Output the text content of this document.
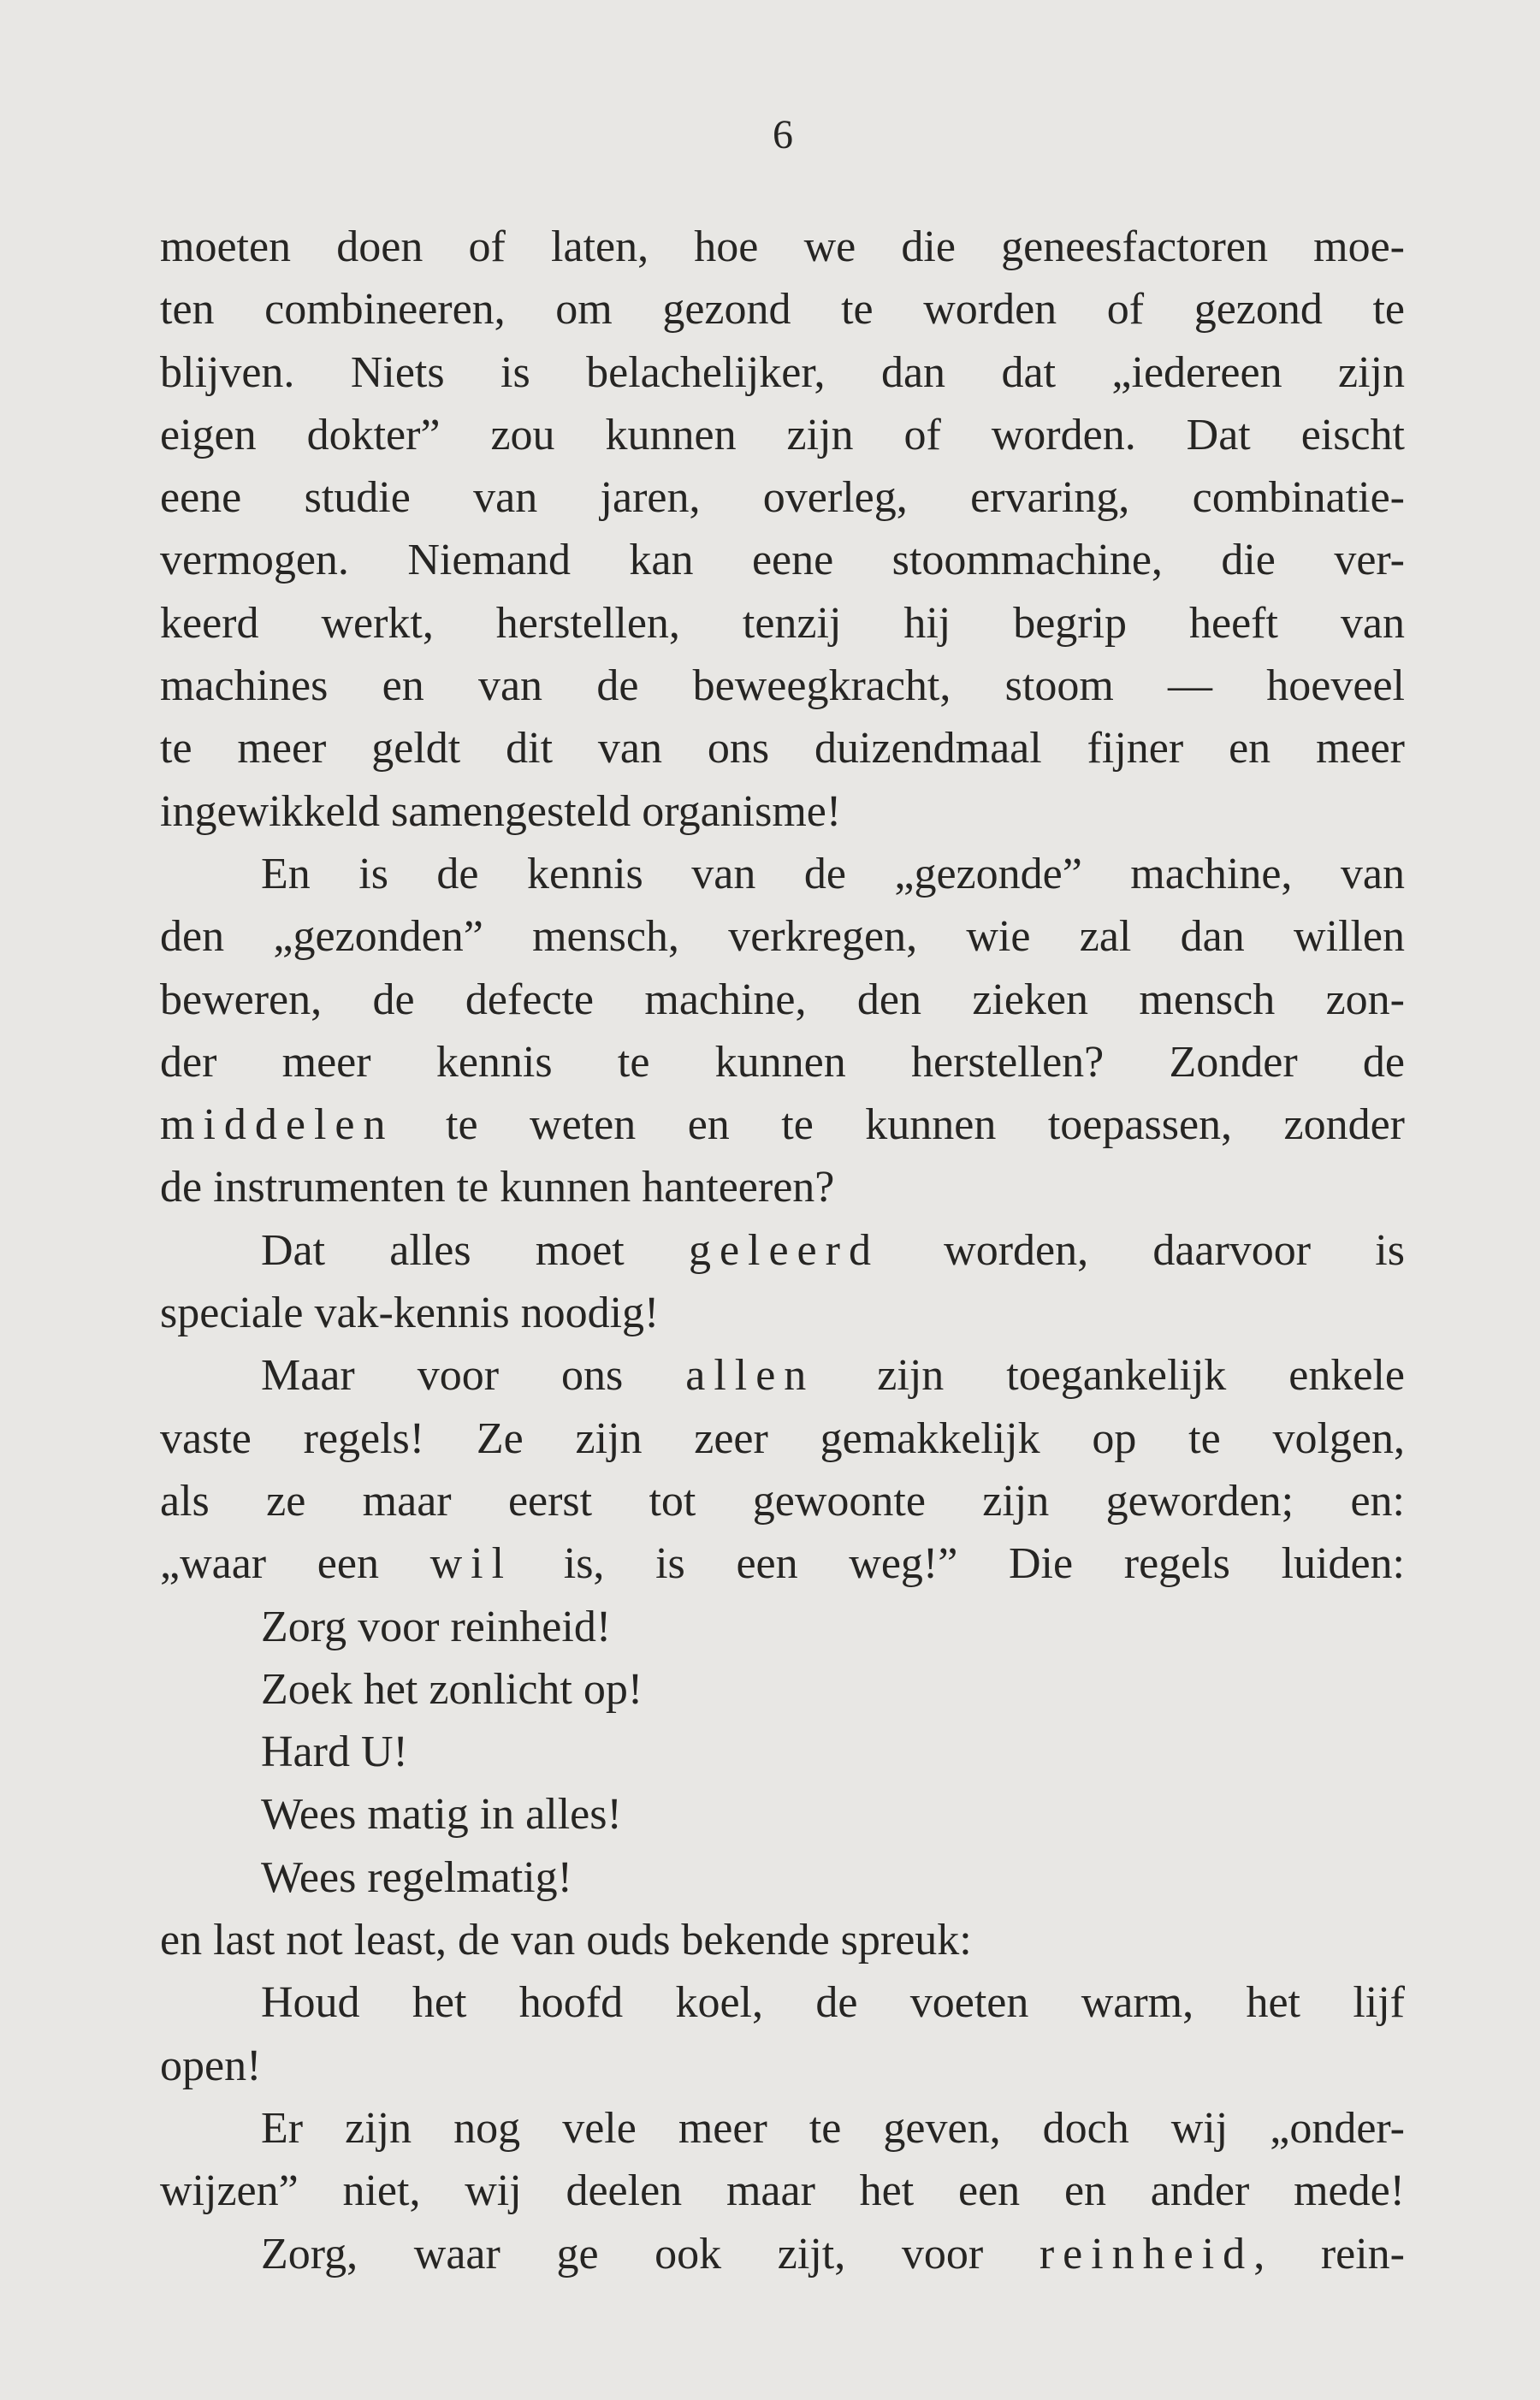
6
moeten doen of laten, hoe we die geneesfactoren moe-
ten combineeren, om gezond te worden of gezond te
blijven. Niets is belachelijker, dan dat „iedereen zijn
eigen dokter” zou kunnen zijn of worden. Dat eischt
eene studie van jaren, overleg, ervaring, combinatie-
vermogen. Niemand kan eene stoommachine, die ver-
keerd werkt, herstellen, tenzij hij begrip heeft van
machines en van de beweegkracht, stoom — hoeveel
te meer geldt dit van ons duizendmaal fijner en meer
ingewikkeld samengesteld organisme!
En is de kennis van de „gezonde” machine, van
den „gezonden” mensch, verkregen, wie zal dan willen
beweren, de defecte machine, den zieken mensch zon-
der meer kennis te kunnen herstellen? Zonder de
middelen te weten en te kunnen toepassen, zonder
de instrumenten te kunnen hanteeren?
Dat alles moet geleerd worden, daarvoor is
speciale vak-kennis noodig!
Maar voor ons allen zijn toegankelijk enkele
vaste regels! Ze zijn zeer gemakkelijk op te volgen,
als ze maar eerst tot gewoonte zijn geworden; en:
„waar een wil is, is een weg!” Die regels luiden:
Zorg voor reinheid!
Zoek het zonlicht op!
Hard U!
Wees matig in alles!
Wees regelmatig!
en last not least, de van ouds bekende spreuk:
Houd het hoofd koel, de voeten warm, het lijf
open!
Er zijn nog vele meer te geven, doch wij „onder-
wijzen” niet, wij deelen maar het een en ander mede!
Zorg, waar ge ook zijt, voor reinheid, rein-
